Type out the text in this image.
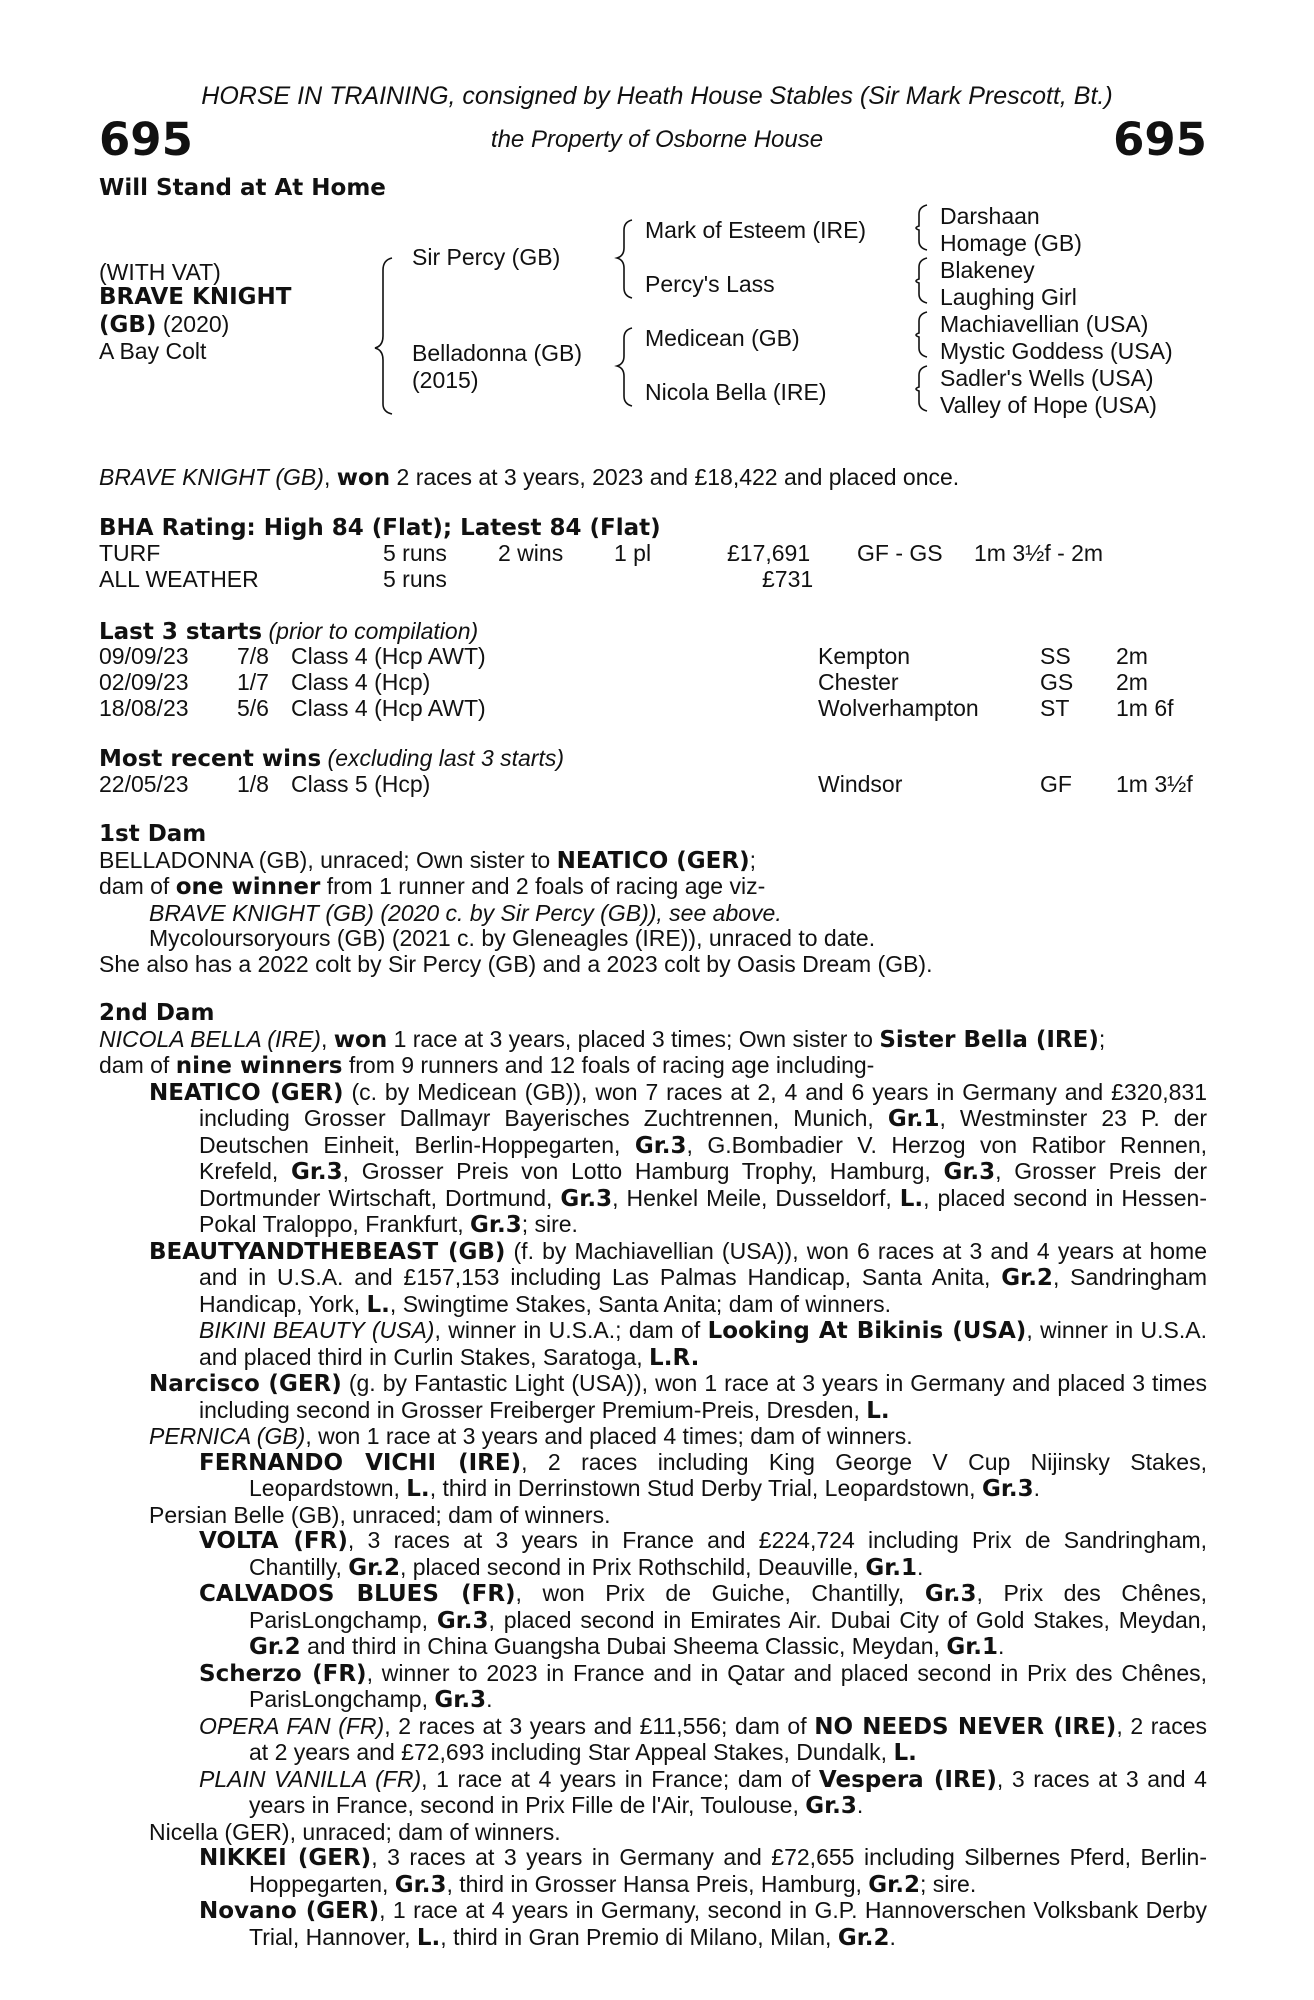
HORSE IN TRAINING, consigned by Heath House Stables (Sir Mark Prescott, Bt.)
695	the Property of Osborne House	695
Will Stand at At Home
(WITH VAT)
BRAVE KNIGHT
(GB) (2020)
A Bay Colt
Sir Percy (GB)
Belladonna (GB)
(2015)
Mark of Esteem (IRE)
Percy's Lass
Medicean (GB)
Nicola Bella (IRE)
Darshaan
Homage (GB)
Blakeney
Laughing Girl
Machiavellian (USA)
Mystic Goddess (USA)
Sadler's Wells (USA)
Valley of Hope (USA)
BRAVE KNIGHT (GB), won 2 races at 3 years, 2023 and £18,422 and placed once.
BHA Rating: High 84 (Flat); Latest 84 (Flat)
TURF	5 runs 2 wins 1 pl	£17,691 GF - GS 1m 3½f - 2m
ALL WEATHER	5 runs	£731
Last 3 starts (prior to compilation)
09/09/23 7/8 Class 4 (Hcp AWT)	Kempton	SS 2m
02/09/23 1/7 Class 4 (Hcp)	Chester	GS 2m
18/08/23 5/6 Class 4 (Hcp AWT)	Wolverhampton	ST 1m 6f
Most recent wins (excluding last 3 starts)
22/05/23 1/8 Class 5 (Hcp)	Windsor	GF 1m 3½f

1st Dam

BELLADONNA (GB), unraced; Own sister to NEATICO (GER);

dam of one winner from 1 runner and 2 foals of racing age viz-

BRAVE KNIGHT (GB) (2020 c. by Sir Percy (GB)), see above.

Mycoloursoryours (GB) (2021 c. by Gleneagles (IRE)), unraced to date.

She also has a 2022 colt by Sir Percy (GB) and a 2023 colt by Oasis Dream (GB).

2nd Dam

NICOLA BELLA (IRE), won 1 race at 3 years, placed 3 times; Own sister to Sister Bella (IRE);

dam of nine winners from 9 runners and 12 foals of racing age including-

NEATICO (GER) (c. by Medicean (GB)), won 7 races at 2, 4 and 6 years in Germany and £320,831 including Grosser Dallmayr Bayerisches Zuchtrennen, Munich, Gr.1, Westminster 23 P. der Deutschen Einheit, Berlin-Hoppegarten, Gr.3, G.Bombadier V. Herzog von Ratibor Rennen, Krefeld, Gr.3, Grosser Preis von Lotto Hamburg Trophy, Hamburg, Gr.3, Grosser Preis der Dortmunder Wirtschaft, Dortmund, Gr.3, Henkel Meile, Dusseldorf, L., placed second in Hessen-Pokal Traloppo, Frankfurt, Gr.3; sire.

BEAUTYANDTHEBEAST (GB) (f. by Machiavellian (USA)), won 6 races at 3 and 4 years at home and in U.S.A. and £157,153 including Las Palmas Handicap, Santa Anita, Gr.2, Sandringham Handicap, York, L., Swingtime Stakes, Santa Anita; dam of winners.

BIKINI BEAUTY (USA), winner in U.S.A.; dam of Looking At Bikinis (USA), winner in U.S.A. and placed third in Curlin Stakes, Saratoga, L.R.

Narcisco (GER) (g. by Fantastic Light (USA)), won 1 race at 3 years in Germany and placed 3 times including second in Grosser Freiberger Premium-Preis, Dresden, L.

PERNICA (GB), won 1 race at 3 years and placed 4 times; dam of winners.

FERNANDO VICHI (IRE), 2 races including King George V Cup Nijinsky Stakes, Leopardstown, L., third in Derrinstown Stud Derby Trial, Leopardstown, Gr.3.

Persian Belle (GB), unraced; dam of winners.

VOLTA (FR), 3 races at 3 years in France and £224,724 including Prix de Sandringham, Chantilly, Gr.2, placed second in Prix Rothschild, Deauville, Gr.1.

CALVADOS BLUES (FR), won Prix de Guiche, Chantilly, Gr.3, Prix des Chênes, ParisLongchamp, Gr.3, placed second in Emirates Air. Dubai City of Gold Stakes, Meydan, Gr.2 and third in China Guangsha Dubai Sheema Classic, Meydan, Gr.1.

Scherzo (FR), winner to 2023 in France and in Qatar and placed second in Prix des Chênes, ParisLongchamp, Gr.3.

OPERA FAN (FR), 2 races at 3 years and £11,556; dam of NO NEEDS NEVER (IRE), 2 races at 2 years and £72,693 including Star Appeal Stakes, Dundalk, L.

PLAIN VANILLA (FR), 1 race at 4 years in France; dam of Vespera (IRE), 3 races at 3 and 4 years in France, second in Prix Fille de l'Air, Toulouse, Gr.3.

Nicella (GER), unraced; dam of winners.

NIKKEI (GER), 3 races at 3 years in Germany and £72,655 including Silbernes Pferd, Berlin-Hoppegarten, Gr.3, third in Grosser Hansa Preis, Hamburg, Gr.2; sire.

Novano (GER), 1 race at 4 years in Germany, second in G.P. Hannoverschen Volksbank Derby Trial, Hannover, L., third in Gran Premio di Milano, Milan, Gr.2.
